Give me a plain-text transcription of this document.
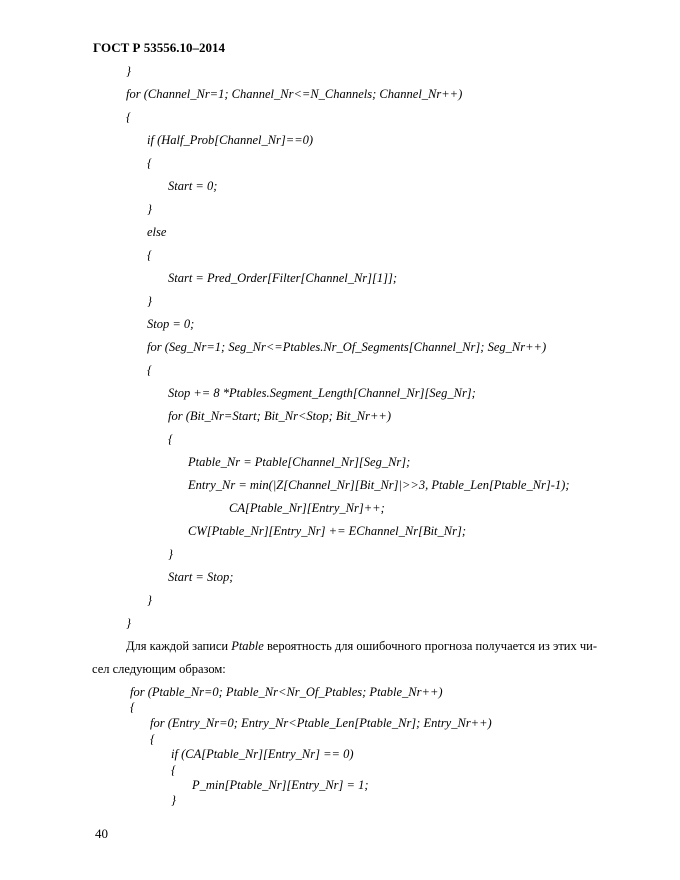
ГОСТ Р 53556.10–2014
}
for (Channel_Nr=1; Channel_Nr<=N_Channels; Channel_Nr++)
{
if (Half_Prob[Channel_Nr]==0)
{
Start = 0;
}
else
{
Start = Pred_Order[Filter[Channel_Nr][1]];
}
Stop = 0;
for (Seg_Nr=1; Seg_Nr<=Ptables.Nr_Of_Segments[Channel_Nr]; Seg_Nr++)
{
Stop += 8 *Ptables.Segment_Length[Channel_Nr][Seg_Nr];
for (Bit_Nr=Start; Bit_Nr<Stop; Bit_Nr++)
{
Ptable_Nr = Ptable[Channel_Nr][Seg_Nr];
Entry_Nr = min(|Z[Channel_Nr][Bit_Nr]|>>3, Ptable_Len[Ptable_Nr]-1);
CA[Ptable_Nr][Entry_Nr]++;
CW[Ptable_Nr][Entry_Nr] += EChannel_Nr[Bit_Nr];
}
Start = Stop;
}
}
Для каждой записи Ptable вероятность для ошибочного прогноза получается из этих чи-
сел следующим образом:
for (Ptable_Nr=0; Ptable_Nr<Nr_Of_Ptables; Ptable_Nr++)
{
for (Entry_Nr=0; Entry_Nr<Ptable_Len[Ptable_Nr]; Entry_Nr++)
{
if (CA[Ptable_Nr][Entry_Nr] == 0)
{
P_min[Ptable_Nr][Entry_Nr] = 1;
}
40
